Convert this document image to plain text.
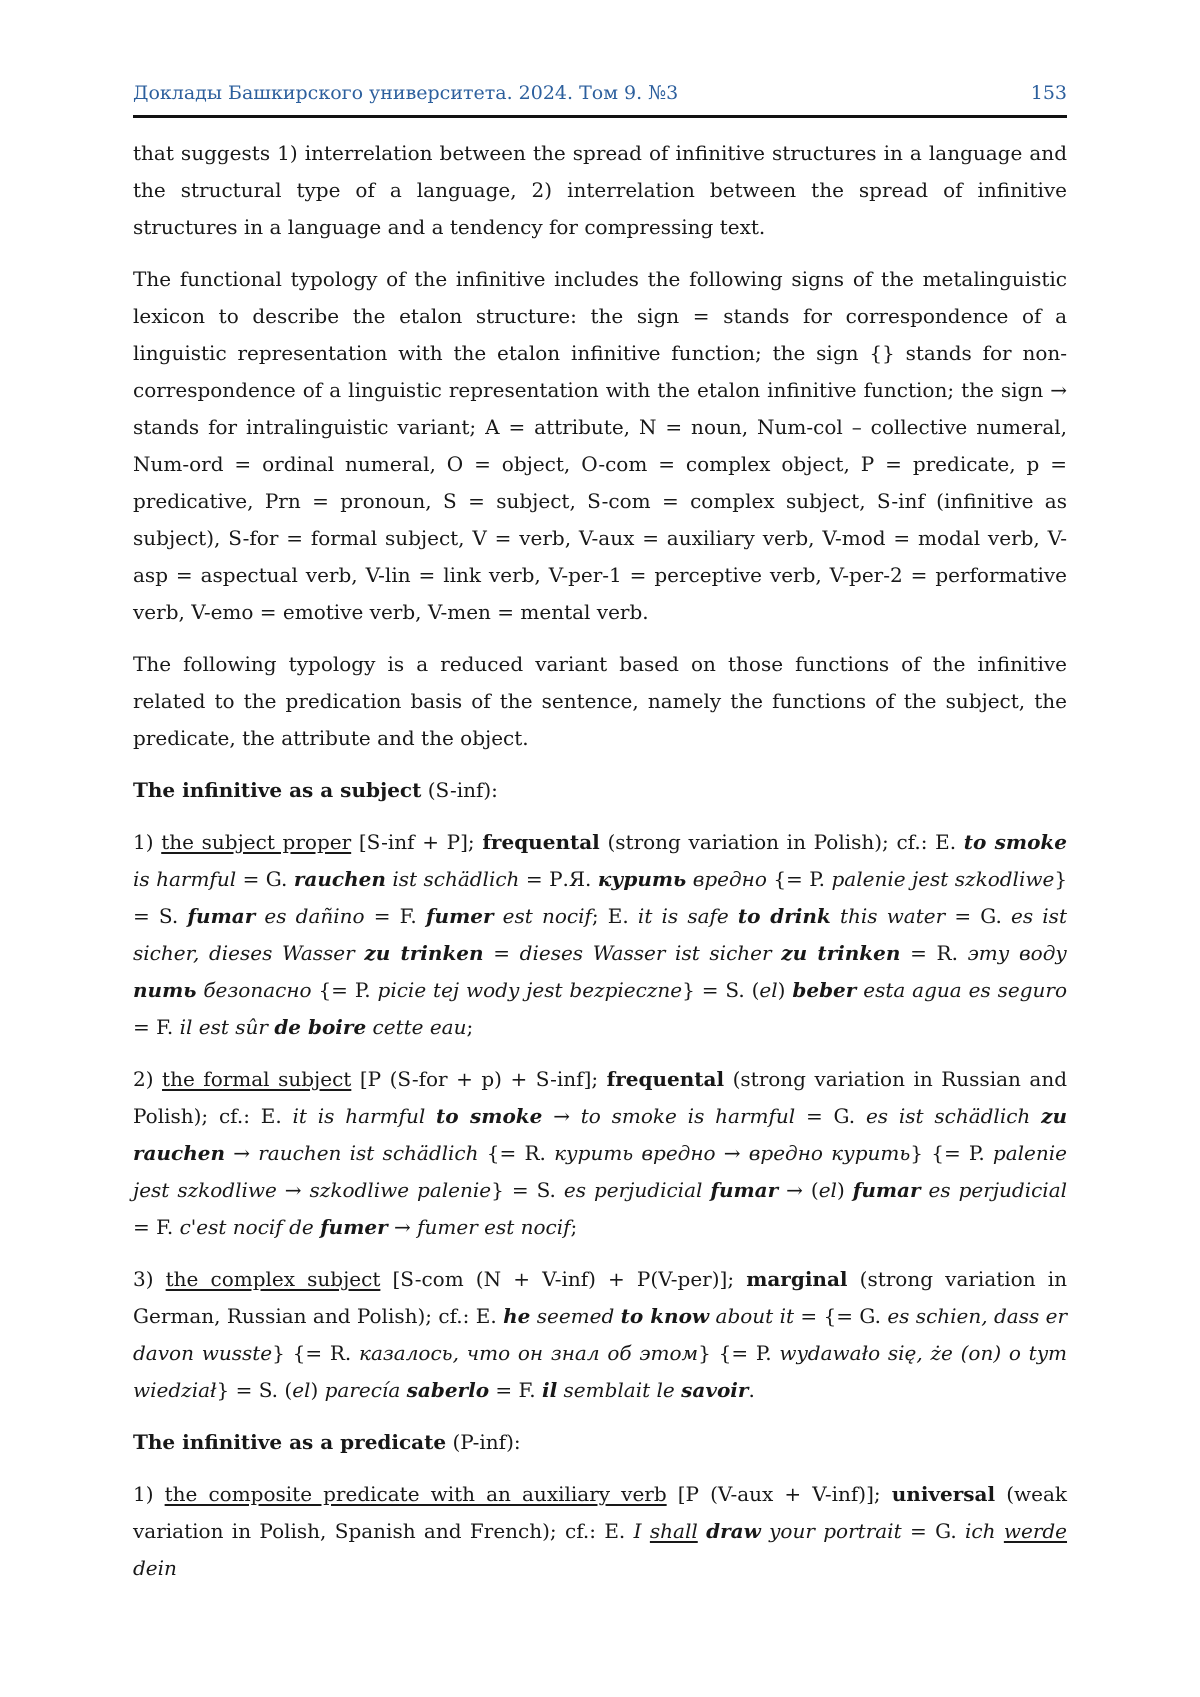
Доклады Башкирского университета. 2024. Том 9. №3	153

that suggests 1) interrelation between the spread of infinitive structures in a language and the structural type of a language, 2) interrelation between the spread of infinitive structures in a language and a tendency for compressing text.

The functional typology of the infinitive includes the following signs of the metalinguistic lexicon to describe the etalon structure: the sign = stands for correspondence of a linguistic representation with the etalon infinitive function; the sign {} stands for non-correspondence of a linguistic representation with the etalon infinitive function; the sign → stands for intralinguistic variant; A = attribute, N = noun, Num-col – collective numeral, Num-ord = ordinal numeral, O = object, O-com = complex object, P = predicate, p = predicative, Prn = pronoun, S = subject, S-com = complex subject, S-inf (infinitive as subject), S-for = formal subject, V = verb, V-aux = auxiliary verb, V-mod = modal verb, V-asp = aspectual verb, V-lin = link verb, V-per-1 = perceptive verb, V-per-2 = performative verb, V-emo = emotive verb, V-men = mental verb.

The following typology is a reduced variant based on those functions of the infinitive related to the predication basis of the sentence, namely the functions of the subject, the predicate, the attribute and the object.

The infinitive as a subject (S-inf):

1) the subject proper [S-inf + P]; frequental (strong variation in Polish); cf.: E. to smoke is harmful = G. rauchen ist schädlich = Р.Я. курить вредно {= P. palenie jest szkodliwe} = S. fumar es dañino = F. fumer est nocif; E. it is safe to drink this water = G. es ist sicher, dieses Wasser zu trinken = dieses Wasser ist sicher zu trinken = R. эту воду пить безопасно {= P. picie tej wody jest bezpieczne} = S. (el) beber esta agua es seguro = F. il est sûr de boire cette eau;

2) the formal subject [P (S-for + p) + S-inf]; frequental (strong variation in Russian and Polish); cf.: E. it is harmful to smoke → to smoke is harmful = G. es ist schädlich zu rauchen → rauchen ist schädlich {= R. курить вредно → вредно курить} {= P. palenie jest szkodliwe → szkodliwe palenie} = S. es perjudicial fumar → (el) fumar es perjudicial = F. c'est nocif de fumer → fumer est nocif;

3) the complex subject [S-com (N + V-inf) + P(V-per)]; marginal (strong variation in German, Russian and Polish); cf.: E. he seemed to know about it = {= G. es schien, dass er davon wusste} {= R. казалось, что он знал об этом} {= P. wydawało się, że (on) o tym wiedział} = S. (el) parecía saberlo = F. il semblait le savoir.

The infinitive as a predicate (P-inf):

1) the composite predicate with an auxiliary verb [P (V-aux + V-inf)]; universal (weak variation in Polish, Spanish and French); cf.: E. I shall draw your portrait = G. ich werde dein
